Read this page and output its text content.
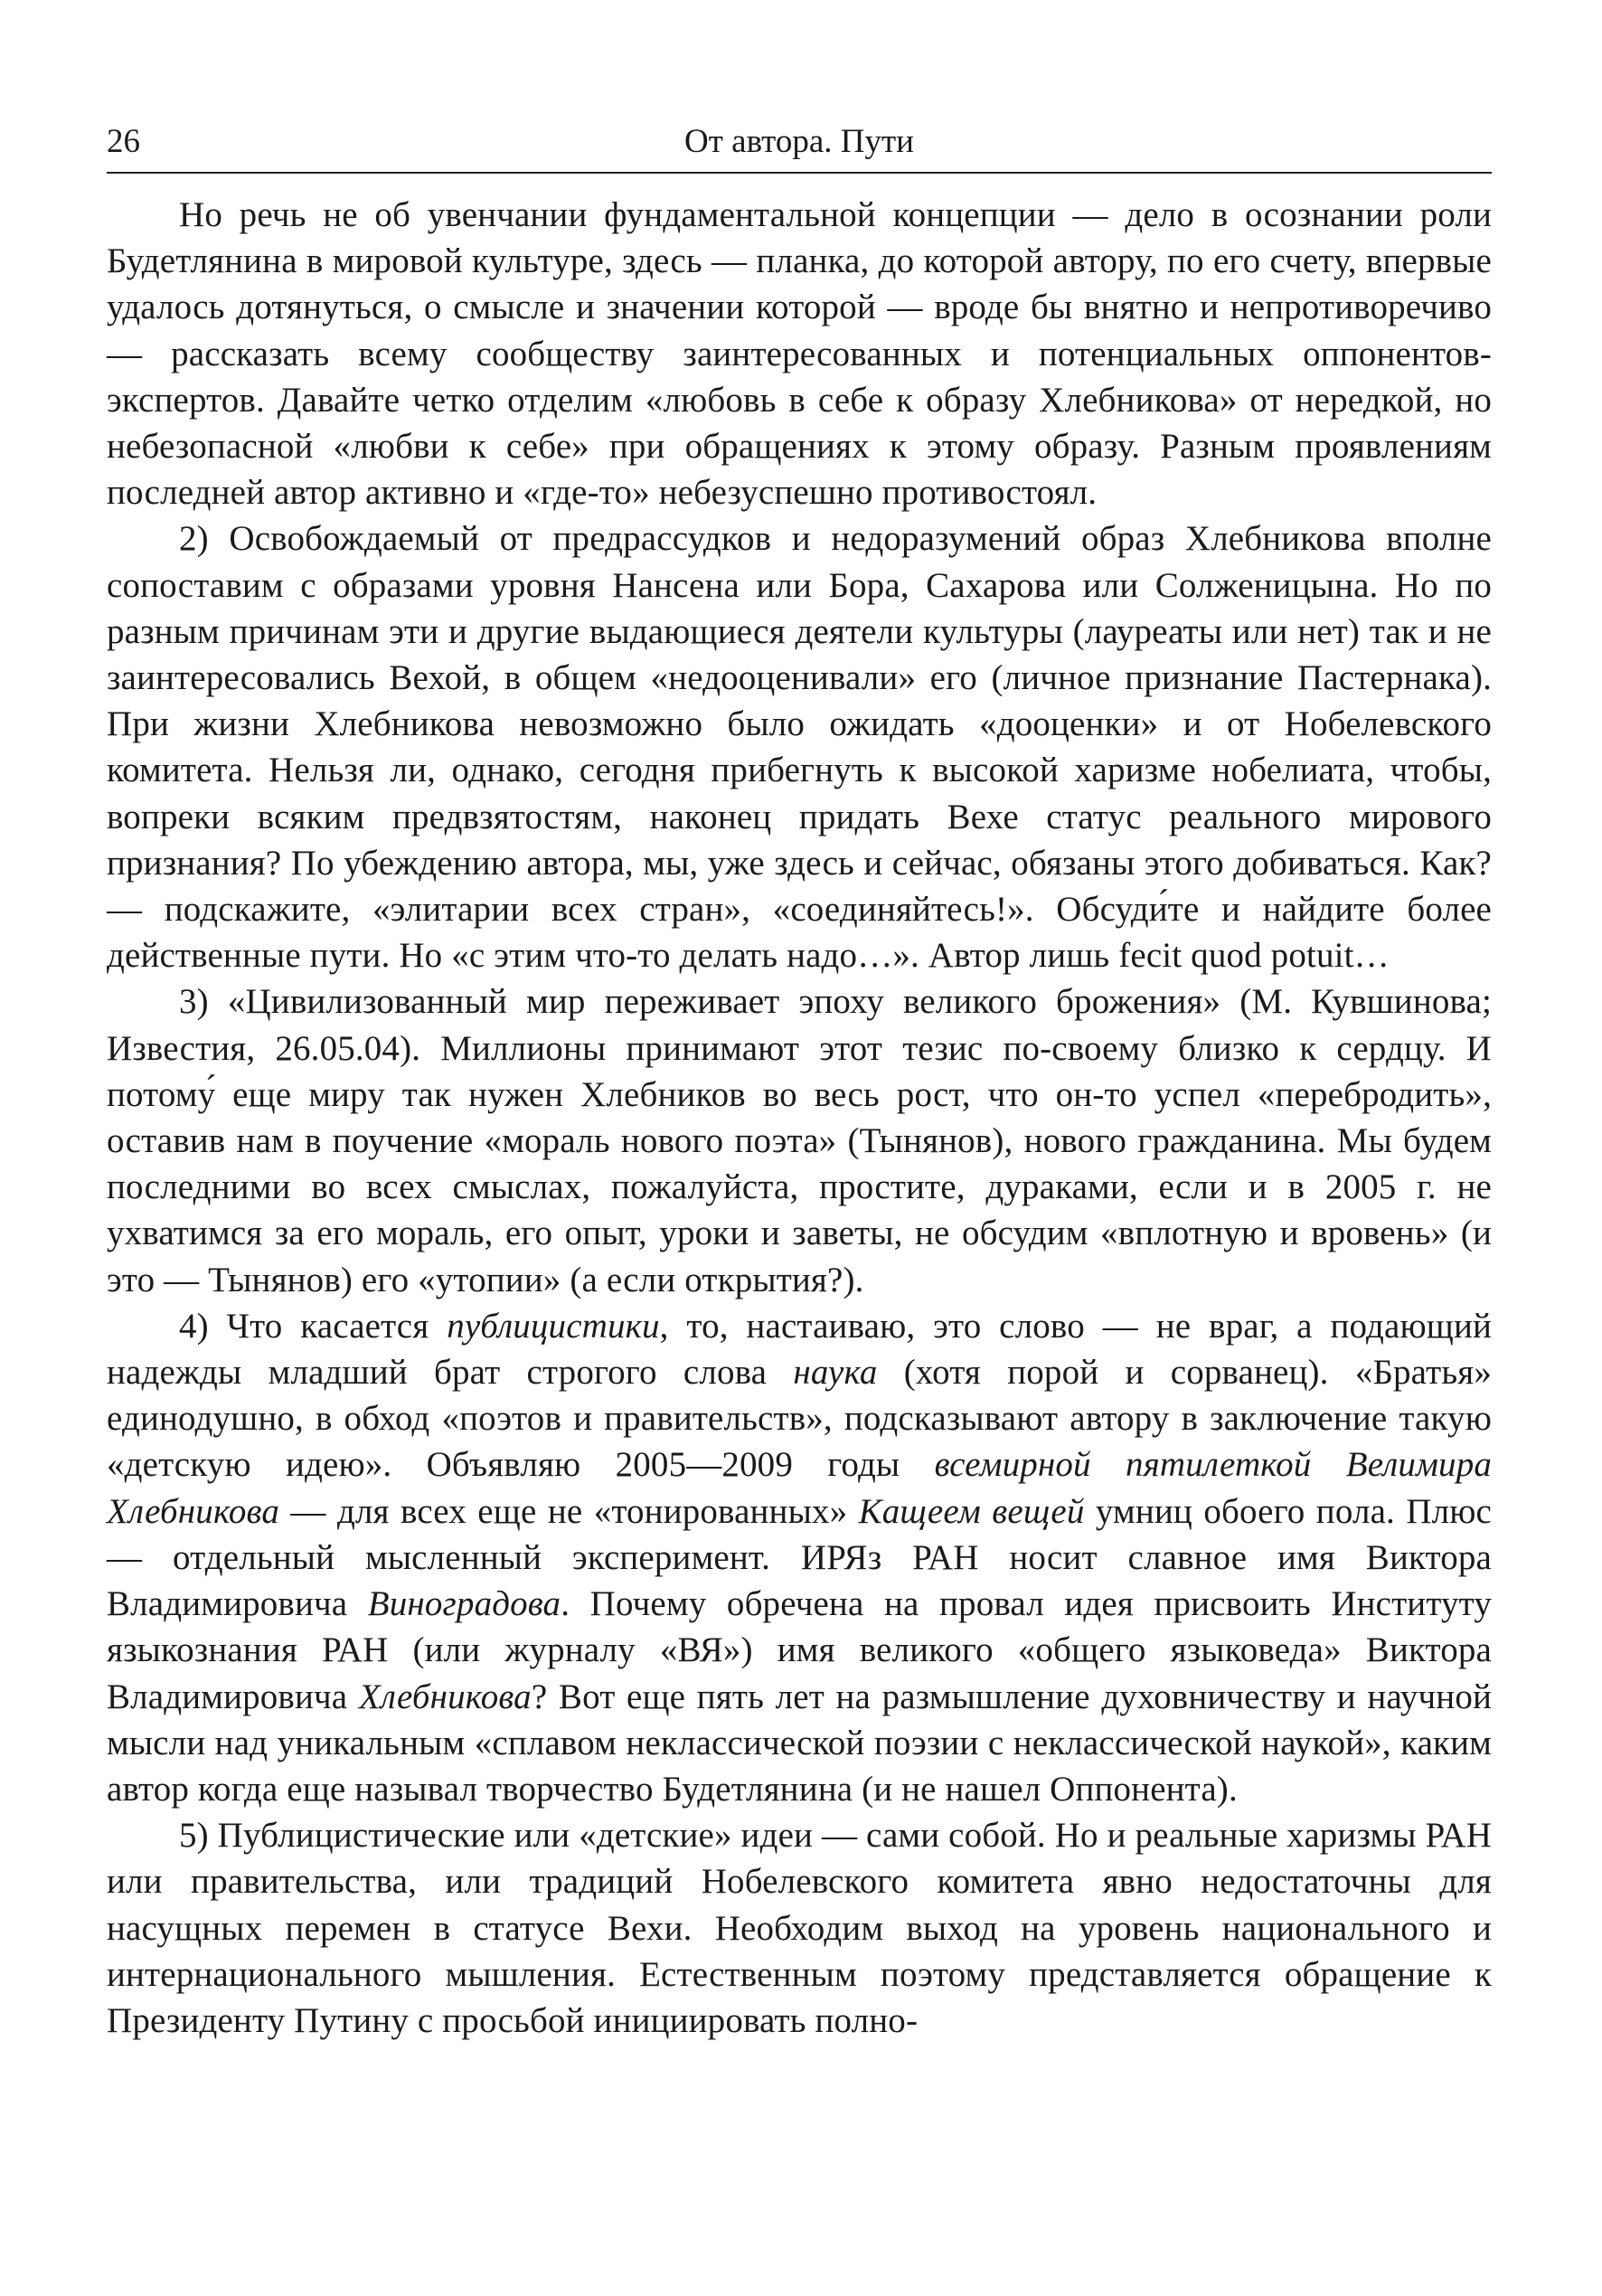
26	От автора. Пути

Но речь не об увенчании фундаментальной концепции — дело в осознании роли Будетлянина в мировой культуре, здесь — планка, до которой автору, по его счету, впервые удалось дотянуться, о смысле и значении которой — вроде бы внятно и непротиворечиво — рассказать всему сообществу заинтересованных и потенциальных оппонентов-экспертов. Давайте четко отделим «любовь в себе к образу Хлебникова» от нередкой, но небезопасной «любви к себе» при обращениях к этому образу. Разным проявлениям последней автор активно и «где-то» небезуспешно противостоял.

2) Освобождаемый от предрассудков и недоразумений образ Хлебникова вполне сопоставим с образами уровня Нансена или Бора, Сахарова или Солженицына. Но по разным причинам эти и другие выдающиеся деятели культуры (лауреаты или нет) так и не заинтересовались Вехой, в общем «недооценивали» его (личное признание Пастернака). При жизни Хлебникова невозможно было ожидать «дооценки» и от Нобелевского комитета. Нельзя ли, однако, сегодня прибегнуть к высокой харизме нобелиата, чтобы, вопреки всяким предвзятостям, наконец придать Вехе статус реального мирового признания? По убеждению автора, мы, уже здесь и сейчас, обязаны этого добиваться. Как? — подскажите, «элитарии всех стран», «соединяйтесь!». Обсуди́те и найдите более действенные пути. Но «с этим что-то делать надо…». Автор лишь fecit quod potuit…

3) «Цивилизованный мир переживает эпоху великого брожения» (М. Кувшинова; Известия, 26.05.04). Миллионы принимают этот тезис по-своему близко к сердцу. И потому́ еще миру так нужен Хлебников во весь рост, что он-то успел «перебродить», оставив нам в поучение «мораль нового поэта» (Тынянов), нового гражданина. Мы будем последними во всех смыслах, пожалуйста, простите, дураками, если и в 2005 г. не ухватимся за его мораль, его опыт, уроки и заветы, не обсудим «вплотную и вровень» (и это — Тынянов) его «утопии» (а если открытия?).

4) Что касается публицистики, то, настаиваю, это слово — не враг, а подающий надежды младший брат строгого слова наука (хотя порой и сорванец). «Братья» единодушно, в обход «поэтов и правительств», подсказывают автору в заключение такую «детскую идею». Объявляю 2005—2009 годы всемирной пятилеткой Велимира Хлебникова — для всех еще не «тонированных» Кащеем вещей умниц обоего пола. Плюс — отдельный мысленный эксперимент. ИРЯз РАН носит славное имя Виктора Владимировича Виноградова. Почему обречена на провал идея присвоить Институту языкознания РАН (или журналу «ВЯ») имя великого «общего языковеда» Виктора Владимировича Хлебникова? Вот еще пять лет на размышление духовничеству и научной мысли над уникальным «сплавом неклассической поэзии с неклассической наукой», каким автор когда еще называл творчество Будетлянина (и не нашел Оппонента).

5) Публицистические или «детские» идеи — сами собой. Но и реальные харизмы РАН или правительства, или традиций Нобелевского комитета явно недостаточны для насущных перемен в статусе Вехи. Необходим выход на уровень национального и интернационального мышления. Естественным поэтому представляется обращение к Президенту Путину с просьбой инициировать полно-
